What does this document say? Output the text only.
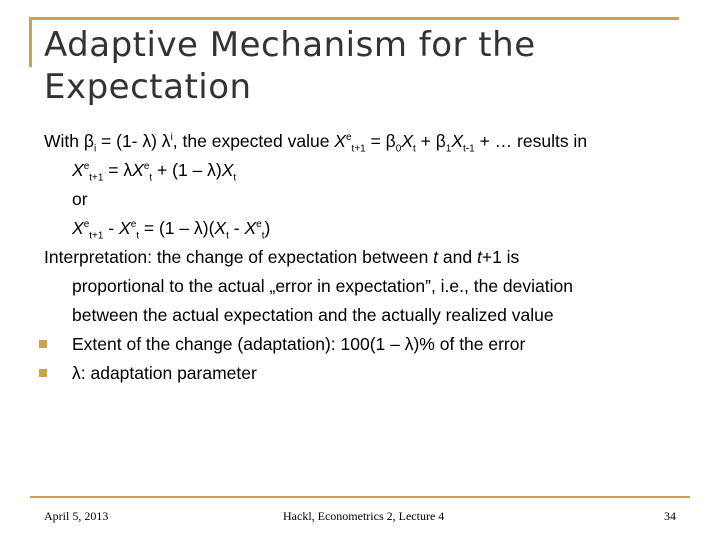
Adaptive Mechanism for the Expectation
With $\beta_i = (1-$ λ) $\lambda^i$, the expected value $X^e_{t+1} = \beta_0X_t + \beta_1X_{t-1}$ + … results in
$X^e_{t+1} = \lambda X^e_t + (1 - \lambda)X_t$
or
$X^e_{t+1} - X^e_t = (1 - \lambda)(X_t - X^e_t)$
Interpretation: the change of expectation between t and t+1 is
proportional to the actual „error in expectation”, i.e., the deviation
between the actual expectation and the actually realized value
Extent of the change (adaptation): 100(1 – λ)% of the error
λ: adaptation parameter
April 5, 2013	Hackl, Econometrics 2, Lecture 4	34
